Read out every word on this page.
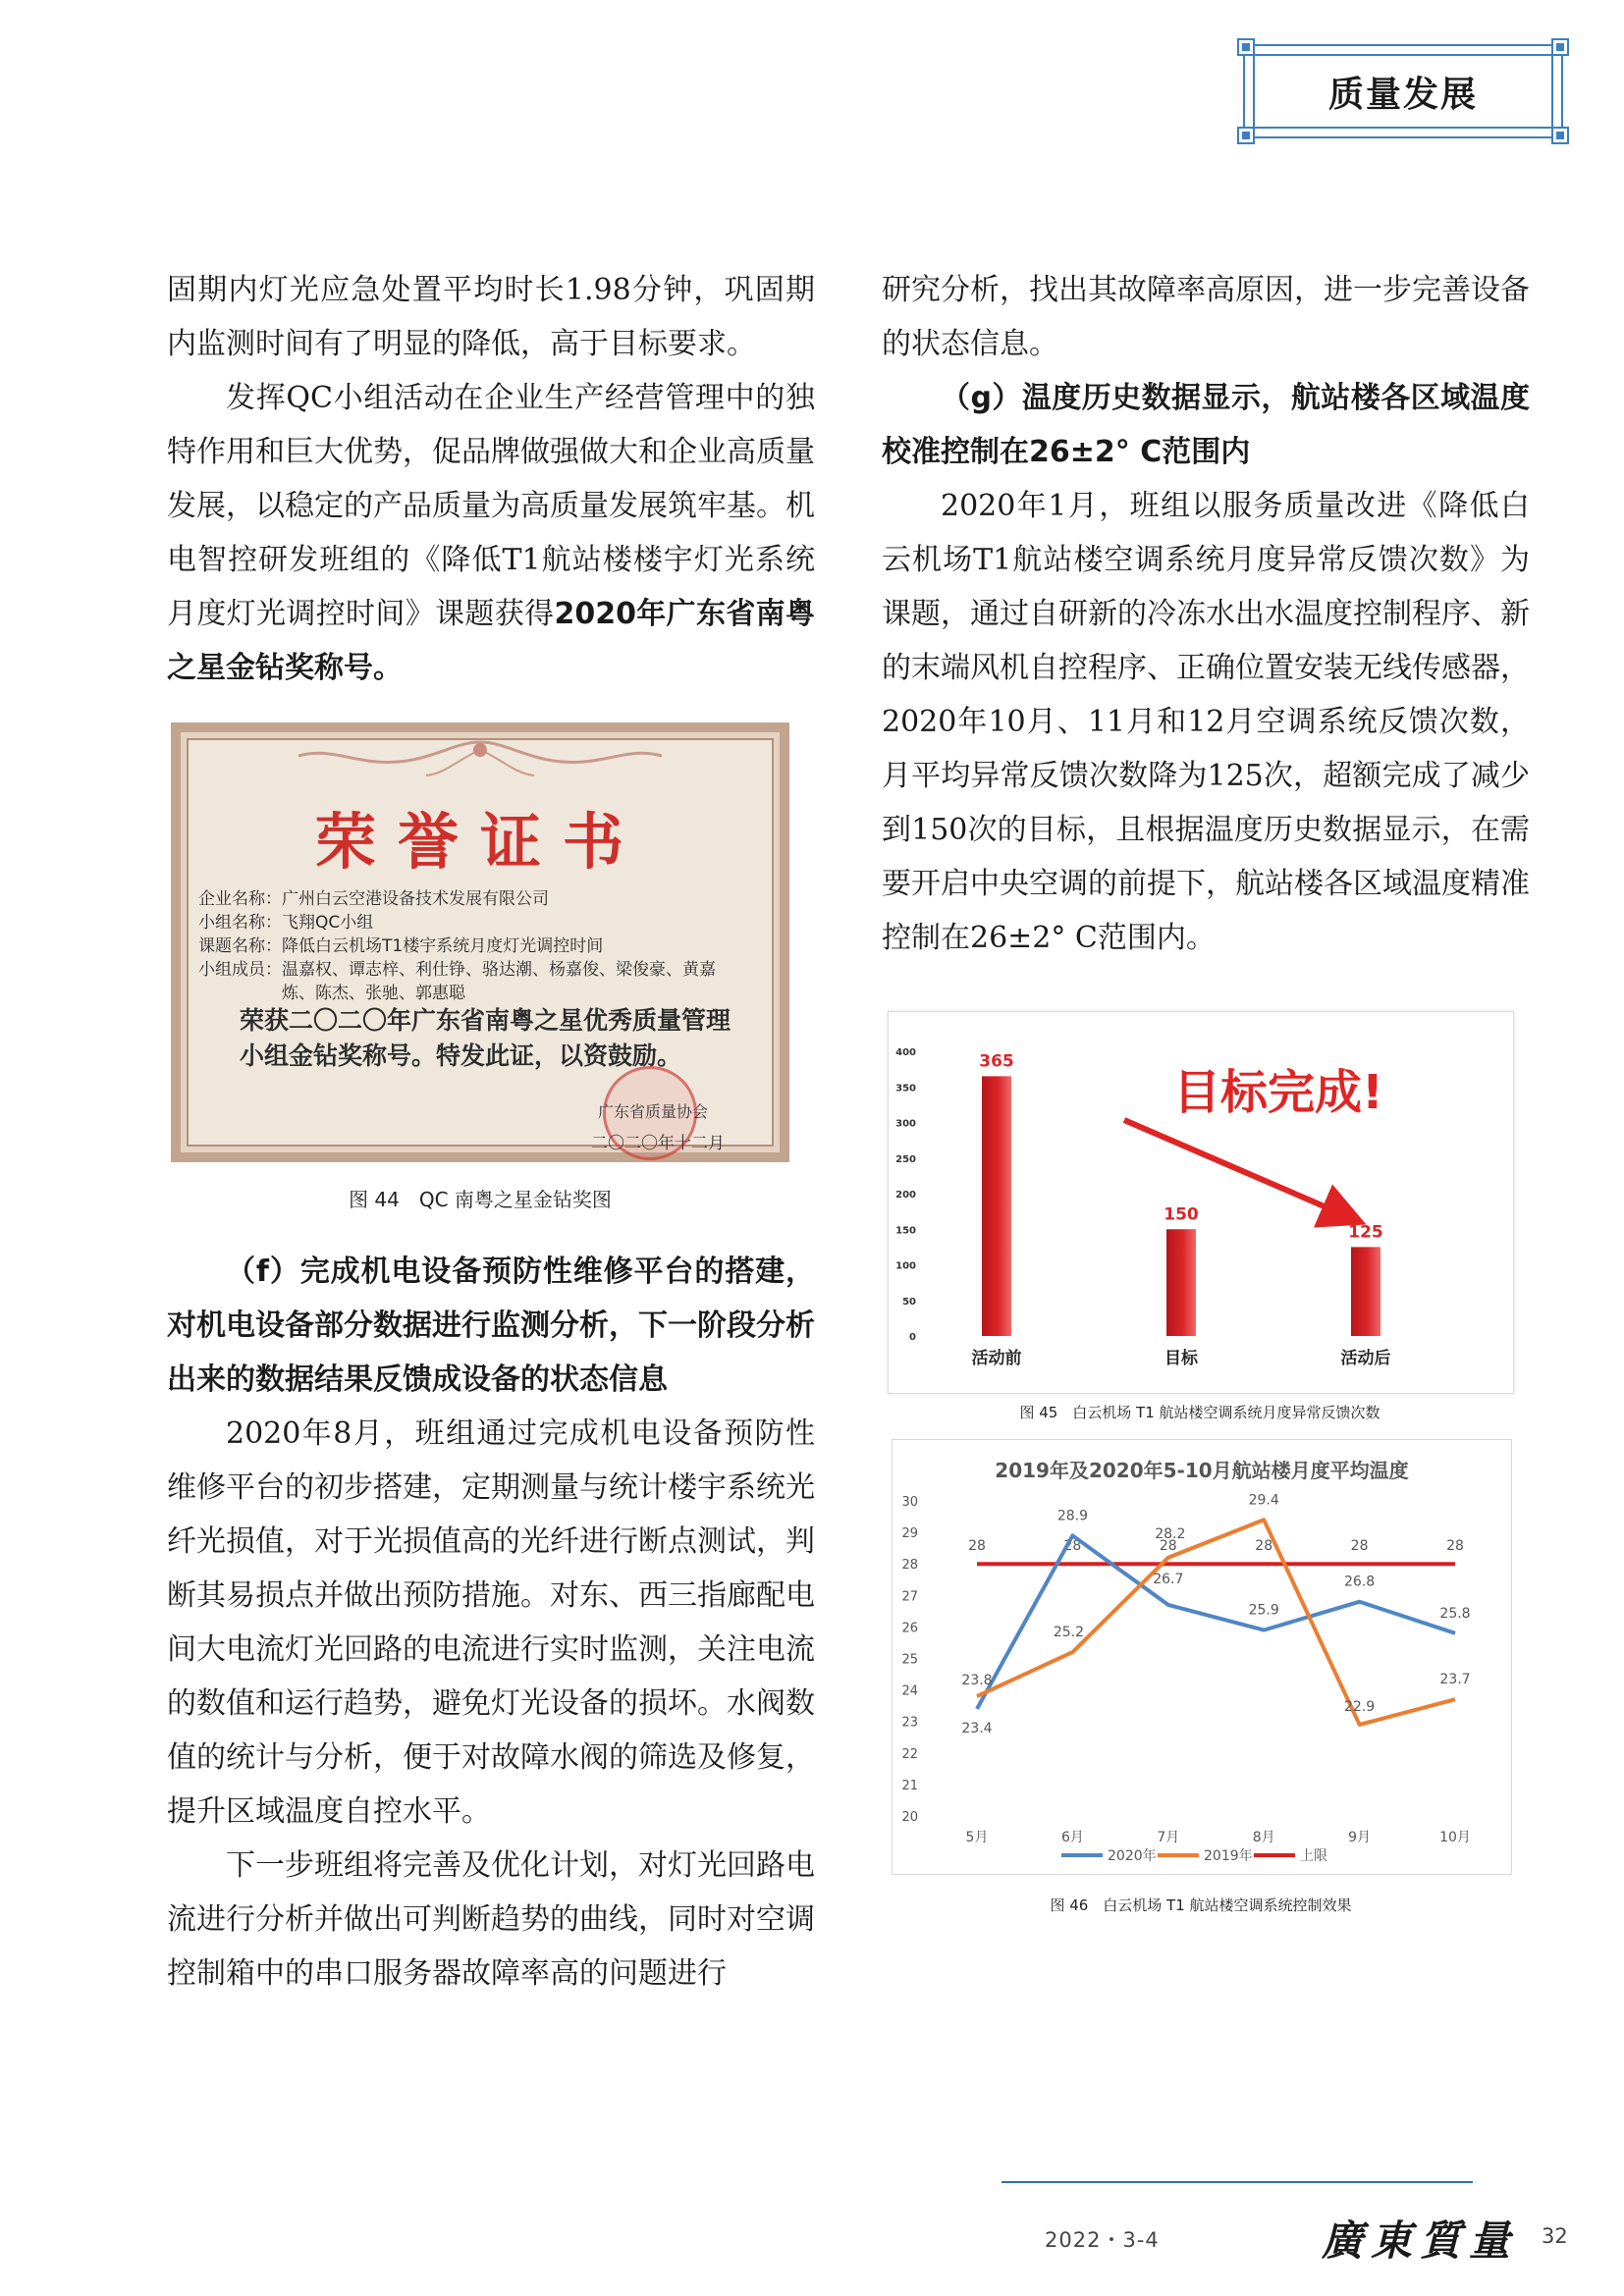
质量发展

固期内灯光应急处置平均时长1.98分钟，巩固期内监测时间有了明显的降低，高于目标要求。

发挥QC小组活动在企业生产经营管理中的独特作用和巨大优势，促品牌做强做大和企业高质量发展，以稳定的产品质量为高质量发展筑牢基。机电智控研发班组的《降低T1航站楼楼宇灯光系统月度灯光调控时间》课题获得2020年广东省南粤之星金钻奖称号。

荣誉证书
企业名称： 广州白云空港设备技术发展有限公司
小组名称： 飞翔QC小组
课题名称： 降低白云机场T1楼宇系统月度灯光调控时间
小组成员： 温嘉权、谭志梓、利仕铮、骆达潮、杨嘉俊、梁俊豪、黄嘉炼、陈杰、张驰、郭惠聪
荣获二〇二〇年广东省南粤之星优秀质量管理小组金钻奖称号。特发此证，以资鼓励。
广东省质量协会
二〇二〇年十二月
图 44　QC 南粤之星金钻奖图

（f）完成机电设备预防性维修平台的搭建，对机电设备部分数据进行监测分析，下一阶段分析出来的数据结果反馈成设备的状态信息

2020年8月，班组通过完成机电设备预防性维修平台的初步搭建，定期测量与统计楼宇系统光纤光损值，对于光损值高的光纤进行断点测试，判断其易损点并做出预防措施。对东、西三指廊配电间大电流灯光回路的电流进行实时监测，关注电流的数值和运行趋势，避免灯光设备的损坏。水阀数值的统计与分析，便于对故障水阀的筛选及修复，提升区域温度自控水平。

下一步班组将完善及优化计划，对灯光回路电流进行分析并做出可判断趋势的曲线，同时对空调控制箱中的串口服务器故障率高的问题进行

研究分析，找出其故障率高原因，进一步完善设备的状态信息。

（g）温度历史数据显示，航站楼各区域温度校准控制在26±2° C范围内

2020年1月，班组以服务质量改进《降低白云机场T1航站楼空调系统月度异常反馈次数》为课题，通过自研新的冷冻水出水温度控制程序、新的末端风机自控程序、正确位置安装无线传感器，2020年10月、11月和12月空调系统反馈次数，月平均异常反馈次数降为125次，超额完成了减少到150次的目标，且根据温度历史数据显示，在需要开启中央空调的前提下，航站楼各区域温度精准控制在26±2° C范围内。

0
50
100
150
200
250
300
350
400	365
活动前
150
目标
125
活动后
目标完成!
图 45　白云机场 T1 航站楼空调系统月度异常反馈次数
2019年及2020年5-10月航站楼月度平均温度
20
21
22
23
24
25
26
27
28
29
30
5月	6月	7月	8月	9月	10月
28	28	28	28	28	28
23.4
28.9
26.7
25.9
26.8
25.8
23.8
25.2
28.2
29.4
22.9
23.7
2020年	2019年	上限
图 46　白云机场 T1 航站楼空调系统控制效果
2022・3-4	廣東質量 32
